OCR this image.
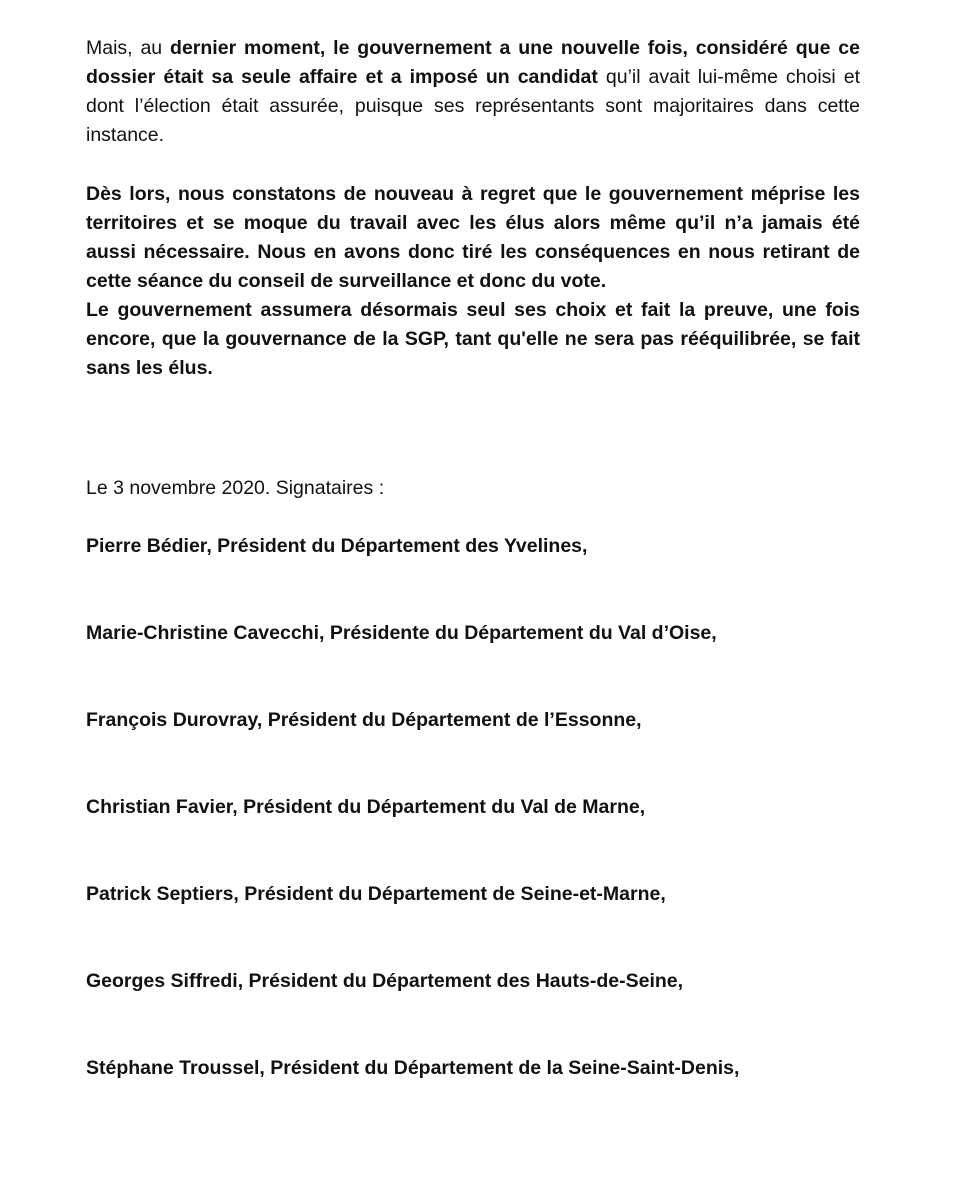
Mais, au dernier moment, le gouvernement a une nouvelle fois, considéré que ce dossier était sa seule affaire et a imposé un candidat qu’il avait lui-même choisi et dont l’élection était assurée, puisque ses représentants sont majoritaires dans cette instance.

Dès lors, nous constatons de nouveau à regret que le gouvernement méprise les territoires et se moque du travail avec les élus alors même qu’il n’a jamais été aussi nécessaire. Nous en avons donc tiré les conséquences en nous retirant de cette séance du conseil de surveillance et donc du vote.
Le gouvernement assumera désormais seul ses choix et fait la preuve, une fois encore, que la gouvernance de la SGP, tant qu'elle ne sera pas rééquilibrée, se fait sans les élus.

Le 3 novembre 2020. Signataires :

Pierre Bédier, Président du Département des Yvelines,

Marie-Christine Cavecchi, Présidente du Département du Val d’Oise,

François Durovray, Président du Département de l’Essonne,

Christian Favier, Président du Département du Val de Marne,

Patrick Septiers, Président du Département de Seine-et-Marne,

Georges Siffredi, Président du Département des Hauts-de-Seine,

Stéphane Troussel, Président du Département de la Seine-Saint-Denis,
